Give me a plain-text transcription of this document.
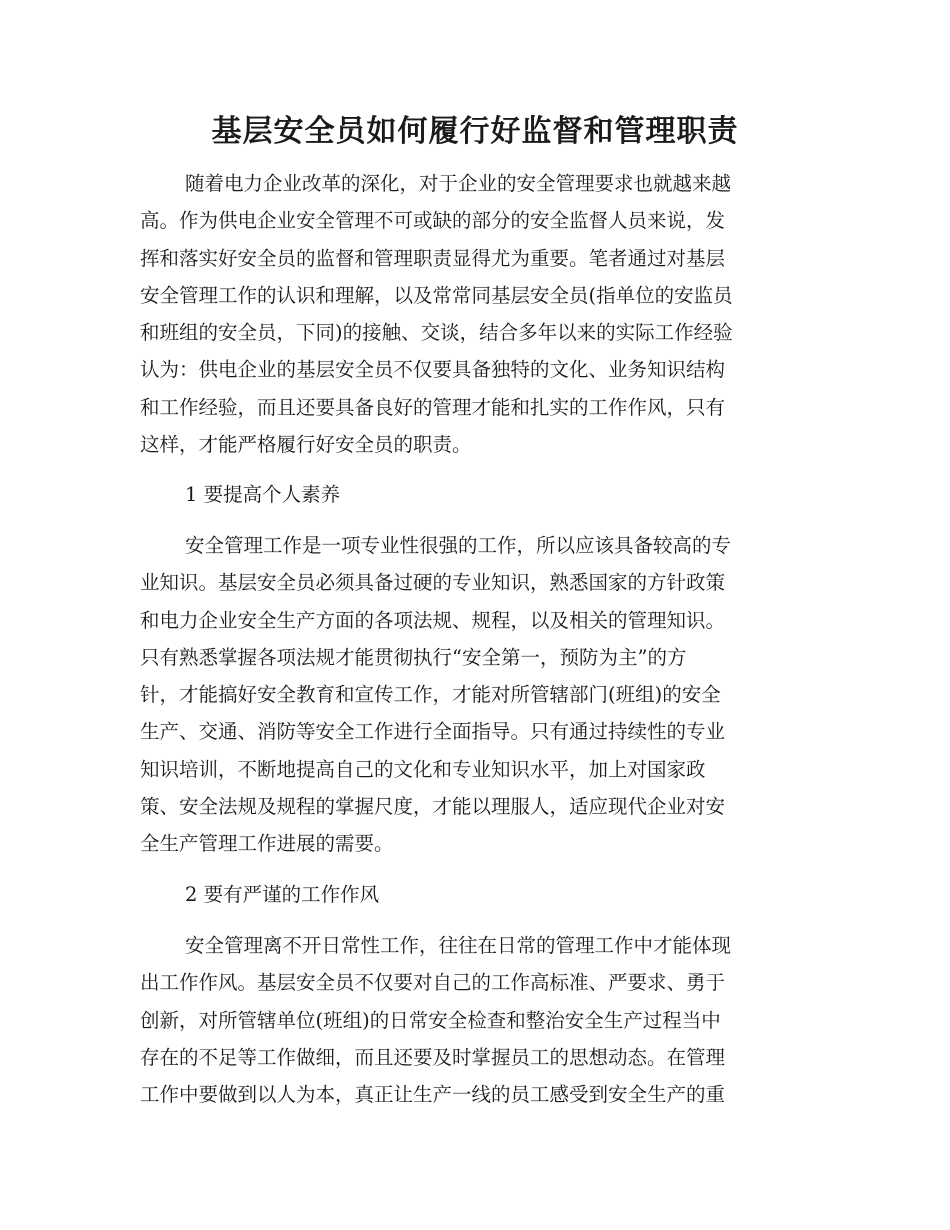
基层安全员如何履行好监督和管理职责
随着电力企业改革的深化，对于企业的安全管理要求也就越来越
高。作为供电企业安全管理不可或缺的部分的安全监督人员来说，发
挥和落实好安全员的监督和管理职责显得尤为重要。笔者通过对基层
安全管理工作的认识和理解，以及常常同基层安全员(指单位的安监员
和班组的安全员，下同)的接触、交谈，结合多年以来的实际工作经验
认为：供电企业的基层安全员不仅要具备独特的文化、业务知识结构
和工作经验，而且还要具备良好的管理才能和扎实的工作作风，只有
这样，才能严格履行好安全员的职责。
1 要提高个人素养
安全管理工作是一项专业性很强的工作，所以应该具备较高的专
业知识。基层安全员必须具备过硬的专业知识，熟悉国家的方针政策
和电力企业安全生产方面的各项法规、规程，以及相关的管理知识。
只有熟悉掌握各项法规才能贯彻执行“安全第一，预防为主”的方
针，才能搞好安全教育和宣传工作，才能对所管辖部门(班组)的安全
生产、交通、消防等安全工作进行全面指导。只有通过持续性的专业
知识培训，不断地提高自己的文化和专业知识水平，加上对国家政
策、安全法规及规程的掌握尺度，才能以理服人，适应现代企业对安
全生产管理工作进展的需要。
2 要有严谨的工作作风
安全管理离不开日常性工作，往往在日常的管理工作中才能体现
出工作作风。基层安全员不仅要对自己的工作高标准、严要求、勇于
创新，对所管辖单位(班组)的日常安全检查和整治安全生产过程当中
存在的不足等工作做细，而且还要及时掌握员工的思想动态。在管理
工作中要做到以人为本，真正让生产一线的员工感受到安全生产的重
